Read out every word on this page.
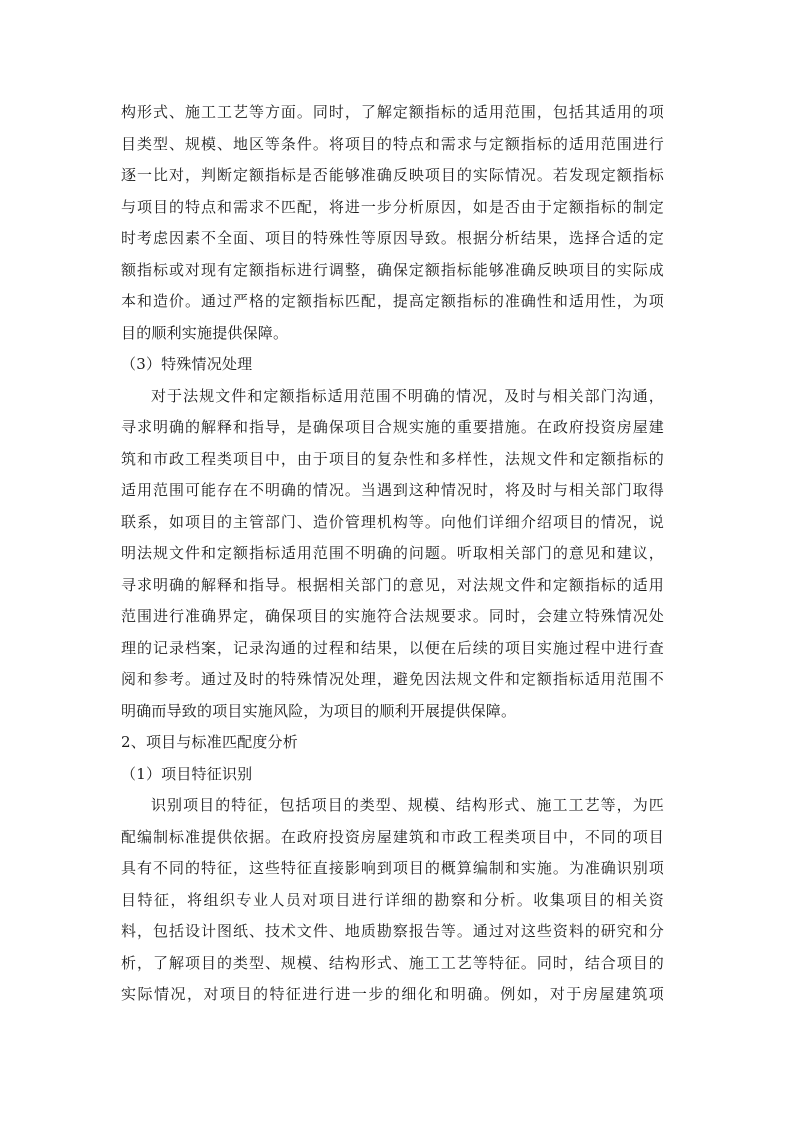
构形式、施工工艺等方面。同时，了解定额指标的适用范围，包括其适用的项
目类型、规模、地区等条件。将项目的特点和需求与定额指标的适用范围进行
逐一比对，判断定额指标是否能够准确反映项目的实际情况。若发现定额指标
与项目的特点和需求不匹配，将进一步分析原因，如是否由于定额指标的制定
时考虑因素不全面、项目的特殊性等原因导致。根据分析结果，选择合适的定
额指标或对现有定额指标进行调整，确保定额指标能够准确反映项目的实际成
本和造价。通过严格的定额指标匹配，提高定额指标的准确性和适用性，为项
目的顺利实施提供保障。
（3）特殊情况处理
对于法规文件和定额指标适用范围不明确的情况，及时与相关部门沟通，
寻求明确的解释和指导，是确保项目合规实施的重要措施。在政府投资房屋建
筑和市政工程类项目中，由于项目的复杂性和多样性，法规文件和定额指标的
适用范围可能存在不明确的情况。当遇到这种情况时，将及时与相关部门取得
联系，如项目的主管部门、造价管理机构等。向他们详细介绍项目的情况，说
明法规文件和定额指标适用范围不明确的问题。听取相关部门的意见和建议，
寻求明确的解释和指导。根据相关部门的意见，对法规文件和定额指标的适用
范围进行准确界定，确保项目的实施符合法规要求。同时，会建立特殊情况处
理的记录档案，记录沟通的过程和结果，以便在后续的项目实施过程中进行查
阅和参考。通过及时的特殊情况处理，避免因法规文件和定额指标适用范围不
明确而导致的项目实施风险，为项目的顺利开展提供保障。
2、项目与标准匹配度分析
（1）项目特征识别
识别项目的特征，包括项目的类型、规模、结构形式、施工工艺等，为匹
配编制标准提供依据。在政府投资房屋建筑和市政工程类项目中，不同的项目
具有不同的特征，这些特征直接影响到项目的概算编制和实施。为准确识别项
目特征，将组织专业人员对项目进行详细的勘察和分析。收集项目的相关资
料，包括设计图纸、技术文件、地质勘察报告等。通过对这些资料的研究和分
析，了解项目的类型、规模、结构形式、施工工艺等特征。同时，结合项目的
实际情况，对项目的特征进行进一步的细化和明确。例如，对于房屋建筑项
